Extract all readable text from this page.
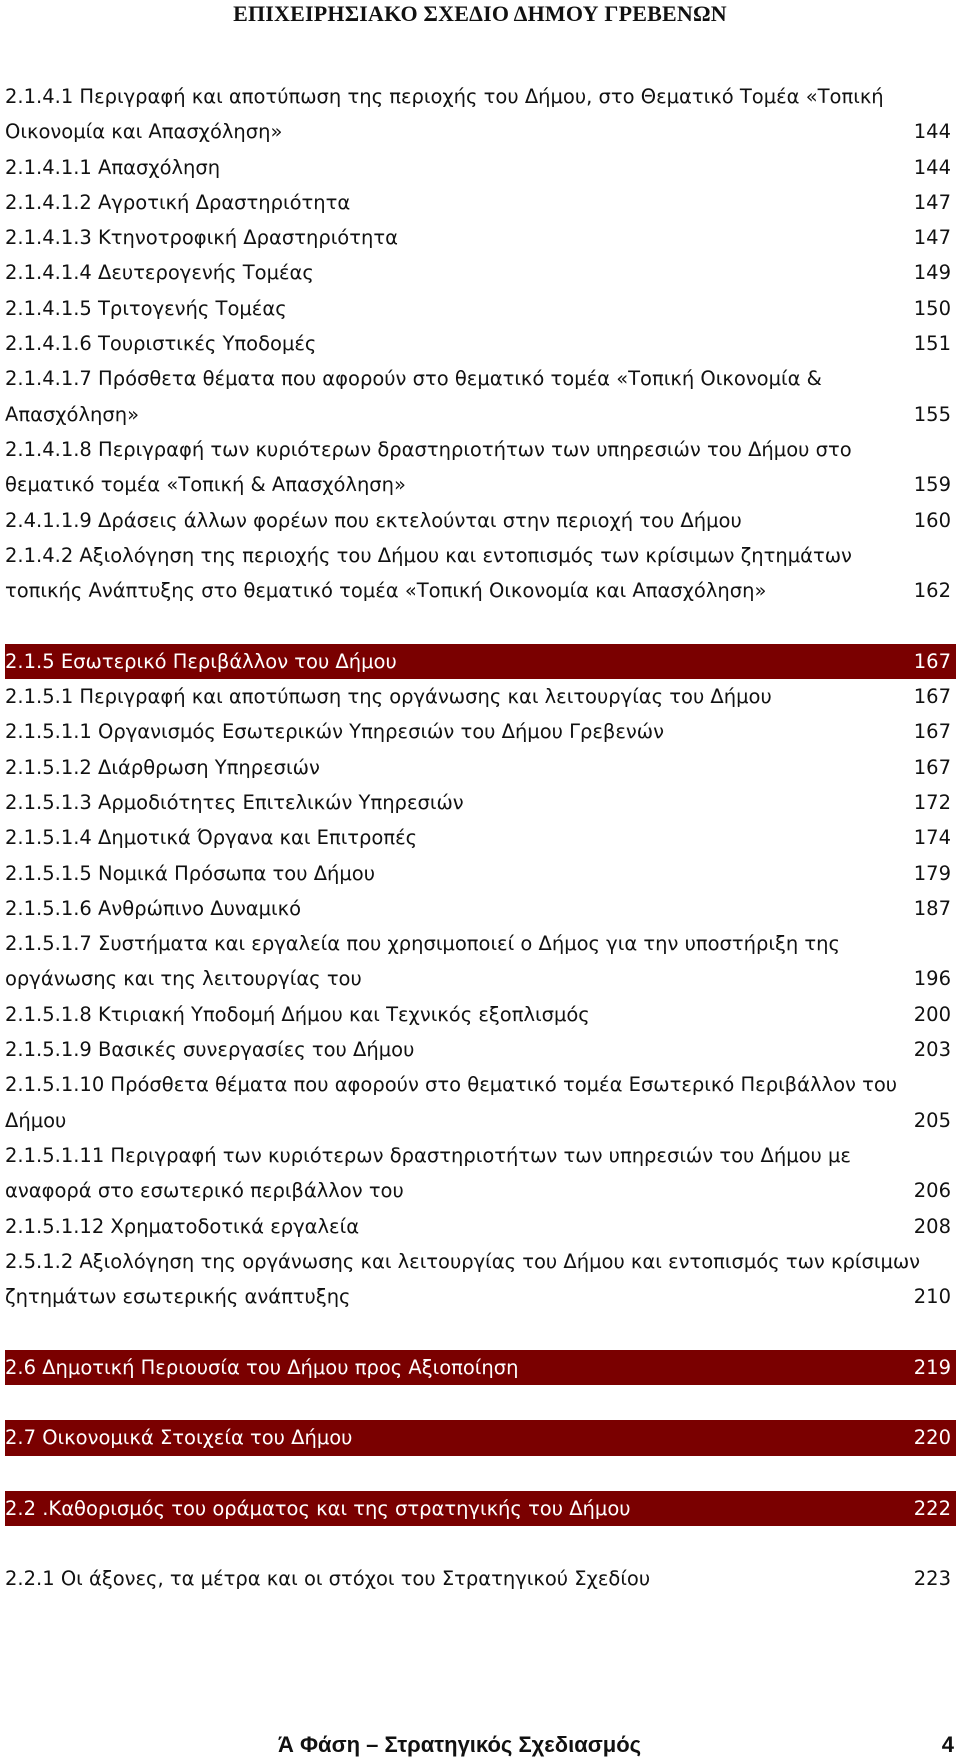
ΕΠΙΧΕΙΡΗΣΙΑΚΟ ΣΧΕΔΙΟ ΔΗΜΟΥ ΓΡΕΒΕΝΩΝ
2.1.4.1 Περιγραφή και αποτύπωση της περιοχής του Δήμου, στο Θεματικό Τομέα «Τοπική
Οικονομία και Απασχόληση»	144
2.1.4.1.1 Απασχόληση	144
2.1.4.1.2 Αγροτική Δραστηριότητα	147
2.1.4.1.3 Κτηνοτροφική Δραστηριότητα	147
2.1.4.1.4 Δευτερογενής Τομέας	149
2.1.4.1.5 Τριτογενής Τομέας	150
2.1.4.1.6 Τουριστικές Υποδομές	151
2.1.4.1.7 Πρόσθετα θέματα που αφορούν στο θεματικό τομέα «Τοπική Οικονομία &
Απασχόληση»	155
2.1.4.1.8 Περιγραφή των κυριότερων δραστηριοτήτων των υπηρεσιών του Δήμου στο
θεματικό τομέα «Τοπική & Απασχόληση»	159
2.4.1.1.9 Δράσεις άλλων φορέων που εκτελούνται στην περιοχή του Δήμου	160
2.1.4.2 Αξιολόγηση της περιοχής του Δήμου και εντοπισμός των κρίσιμων ζητημάτων
τοπικής Ανάπτυξης στο θεματικό τομέα «Τοπική Οικονομία και Απασχόληση»	162
2.1.5 Εσωτερικό Περιβάλλον του Δήμου	167
2.1.5.1 Περιγραφή και αποτύπωση της οργάνωσης και λειτουργίας του Δήμου	167
2.1.5.1.1 Οργανισμός Εσωτερικών Υπηρεσιών του Δήμου Γρεβενών	167
2.1.5.1.2 Διάρθρωση Υπηρεσιών	167
2.1.5.1.3 Αρμοδιότητες Επιτελικών Υπηρεσιών	172
2.1.5.1.4 Δημοτικά Όργανα και Επιτροπές	174
2.1.5.1.5 Νομικά Πρόσωπα του Δήμου	179
2.1.5.1.6 Ανθρώπινο Δυναμικό	187
2.1.5.1.7 Συστήματα και εργαλεία που χρησιμοποιεί ο Δήμος για την υποστήριξη της
οργάνωσης και της λειτουργίας του	196
2.1.5.1.8 Κτιριακή Υποδομή Δήμου και Τεχνικός εξοπλισμός	200
2.1.5.1.9 Βασικές συνεργασίες του Δήμου	203
2.1.5.1.10 Πρόσθετα θέματα που αφορούν στο θεματικό τομέα Εσωτερικό Περιβάλλον του
Δήμου	205
2.1.5.1.11 Περιγραφή των κυριότερων δραστηριοτήτων των υπηρεσιών του Δήμου με
αναφορά στο εσωτερικό περιβάλλον του	206
2.1.5.1.12 Χρηματοδοτικά εργαλεία	208
2.5.1.2 Αξιολόγηση της οργάνωσης και λειτουργίας του Δήμου και εντοπισμός των κρίσιμων
ζητημάτων εσωτερικής ανάπτυξης	210
2.6 Δημοτική Περιουσία του Δήμου προς Αξιοποίηση	219
2.7 Οικονομικά Στοιχεία του Δήμου	220
2.2 .Καθορισμός του οράματος και της στρατηγικής του Δήμου	222
2.2.1 Οι άξονες, τα μέτρα και οι στόχοι του Στρατηγικού Σχεδίου	223
Ά Φάση – Στρατηγικός Σχεδιασμός	4
